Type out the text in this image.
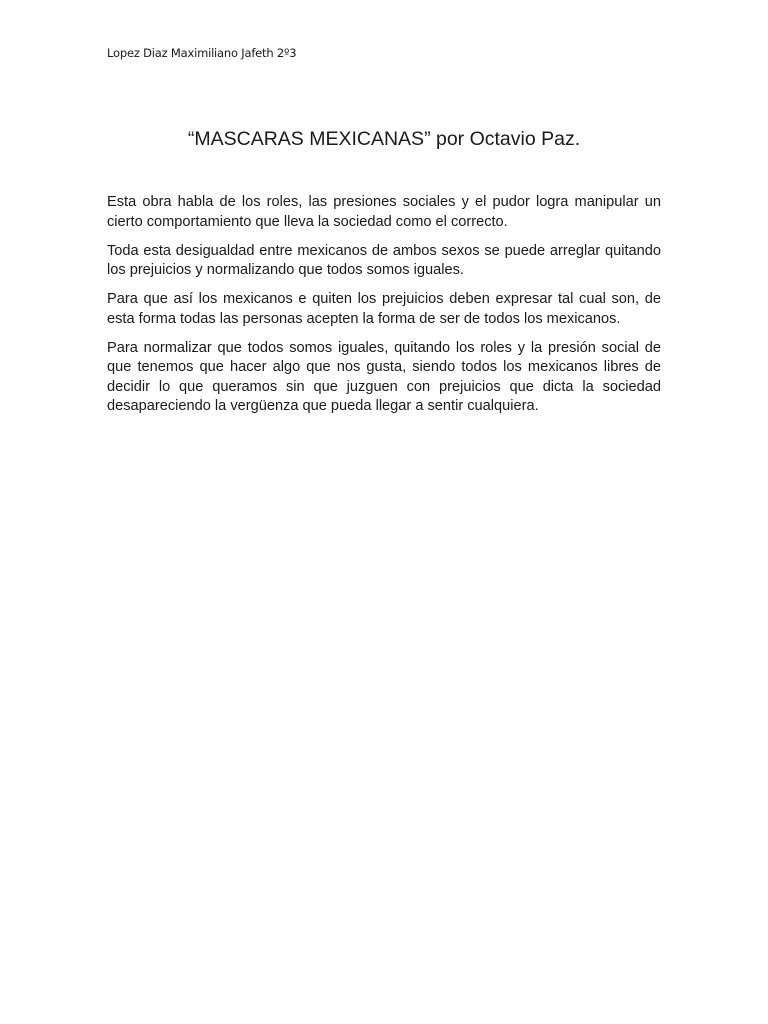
Lopez Diaz Maximiliano Jafeth 2º3
“MASCARAS MEXICANAS” por Octavio Paz.

Esta obra habla de los roles, las presiones sociales y el pudor logra manipular un cierto comportamiento que lleva la sociedad como el correcto.

Toda esta desigualdad entre mexicanos de ambos sexos se puede arreglar quitando los prejuicios y normalizando que todos somos iguales.

Para que así los mexicanos e quiten los prejuicios deben expresar tal cual son, de esta forma todas las personas acepten la forma de ser de todos los mexicanos.

Para normalizar que todos somos iguales, quitando los roles y la presión social de que tenemos que hacer algo que nos gusta, siendo todos los mexicanos libres de decidir lo que queramos sin que juzguen con prejuicios que dicta la sociedad desapareciendo la vergüenza que pueda llegar a sentir cualquiera.
